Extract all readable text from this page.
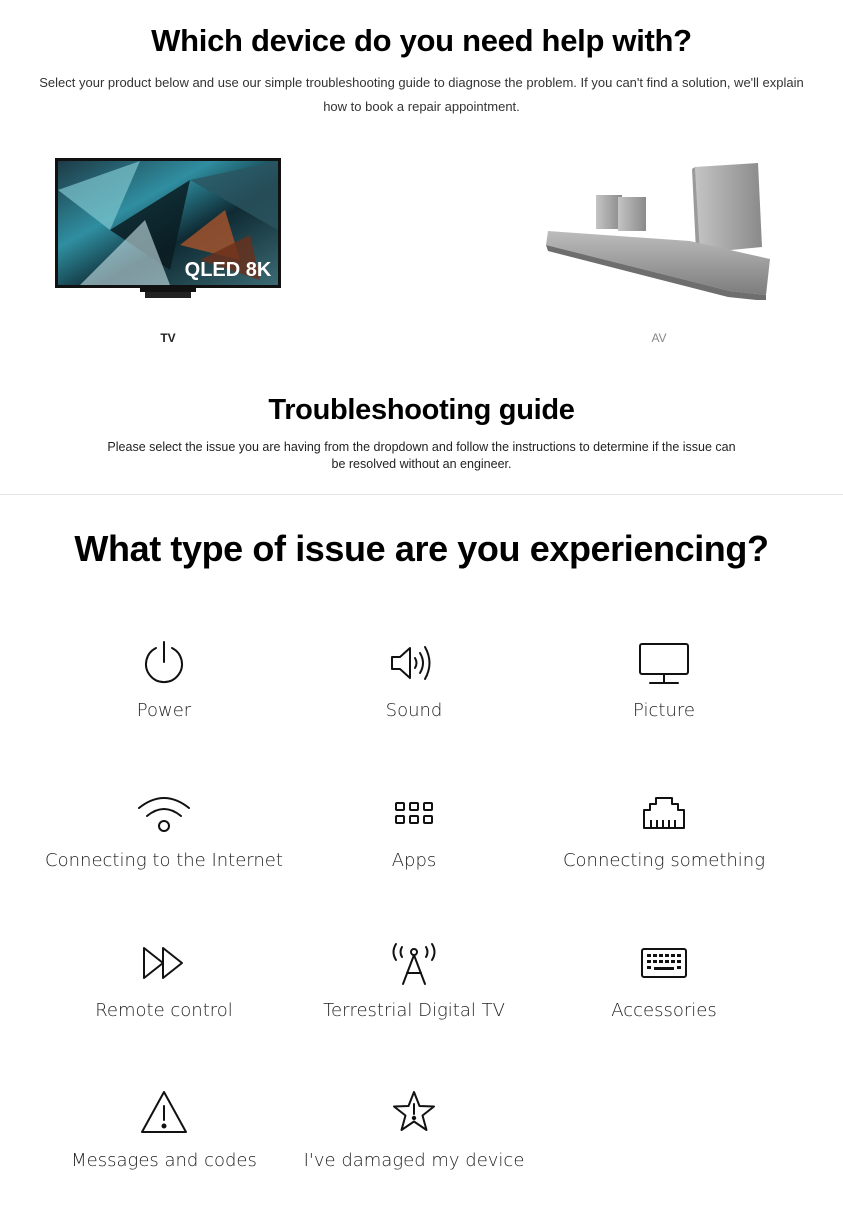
Which device do you need help with?

Select your product below and use our simple troubleshooting guide to diagnose the problem. If you can't find a solution, we'll explain how to book a repair appointment.

QLED 8K
TV	AV
Troubleshooting guide

Please select the issue you are having from the dropdown and follow the instructions to determine if the issue can be resolved without an engineer.

What type of issue are you experiencing?
Power	Sound	Picture
Connecting to the Internet	Apps	Connecting something
Remote control	Terrestrial Digital TV	Accessories
Messages and codes	I've damaged my device
